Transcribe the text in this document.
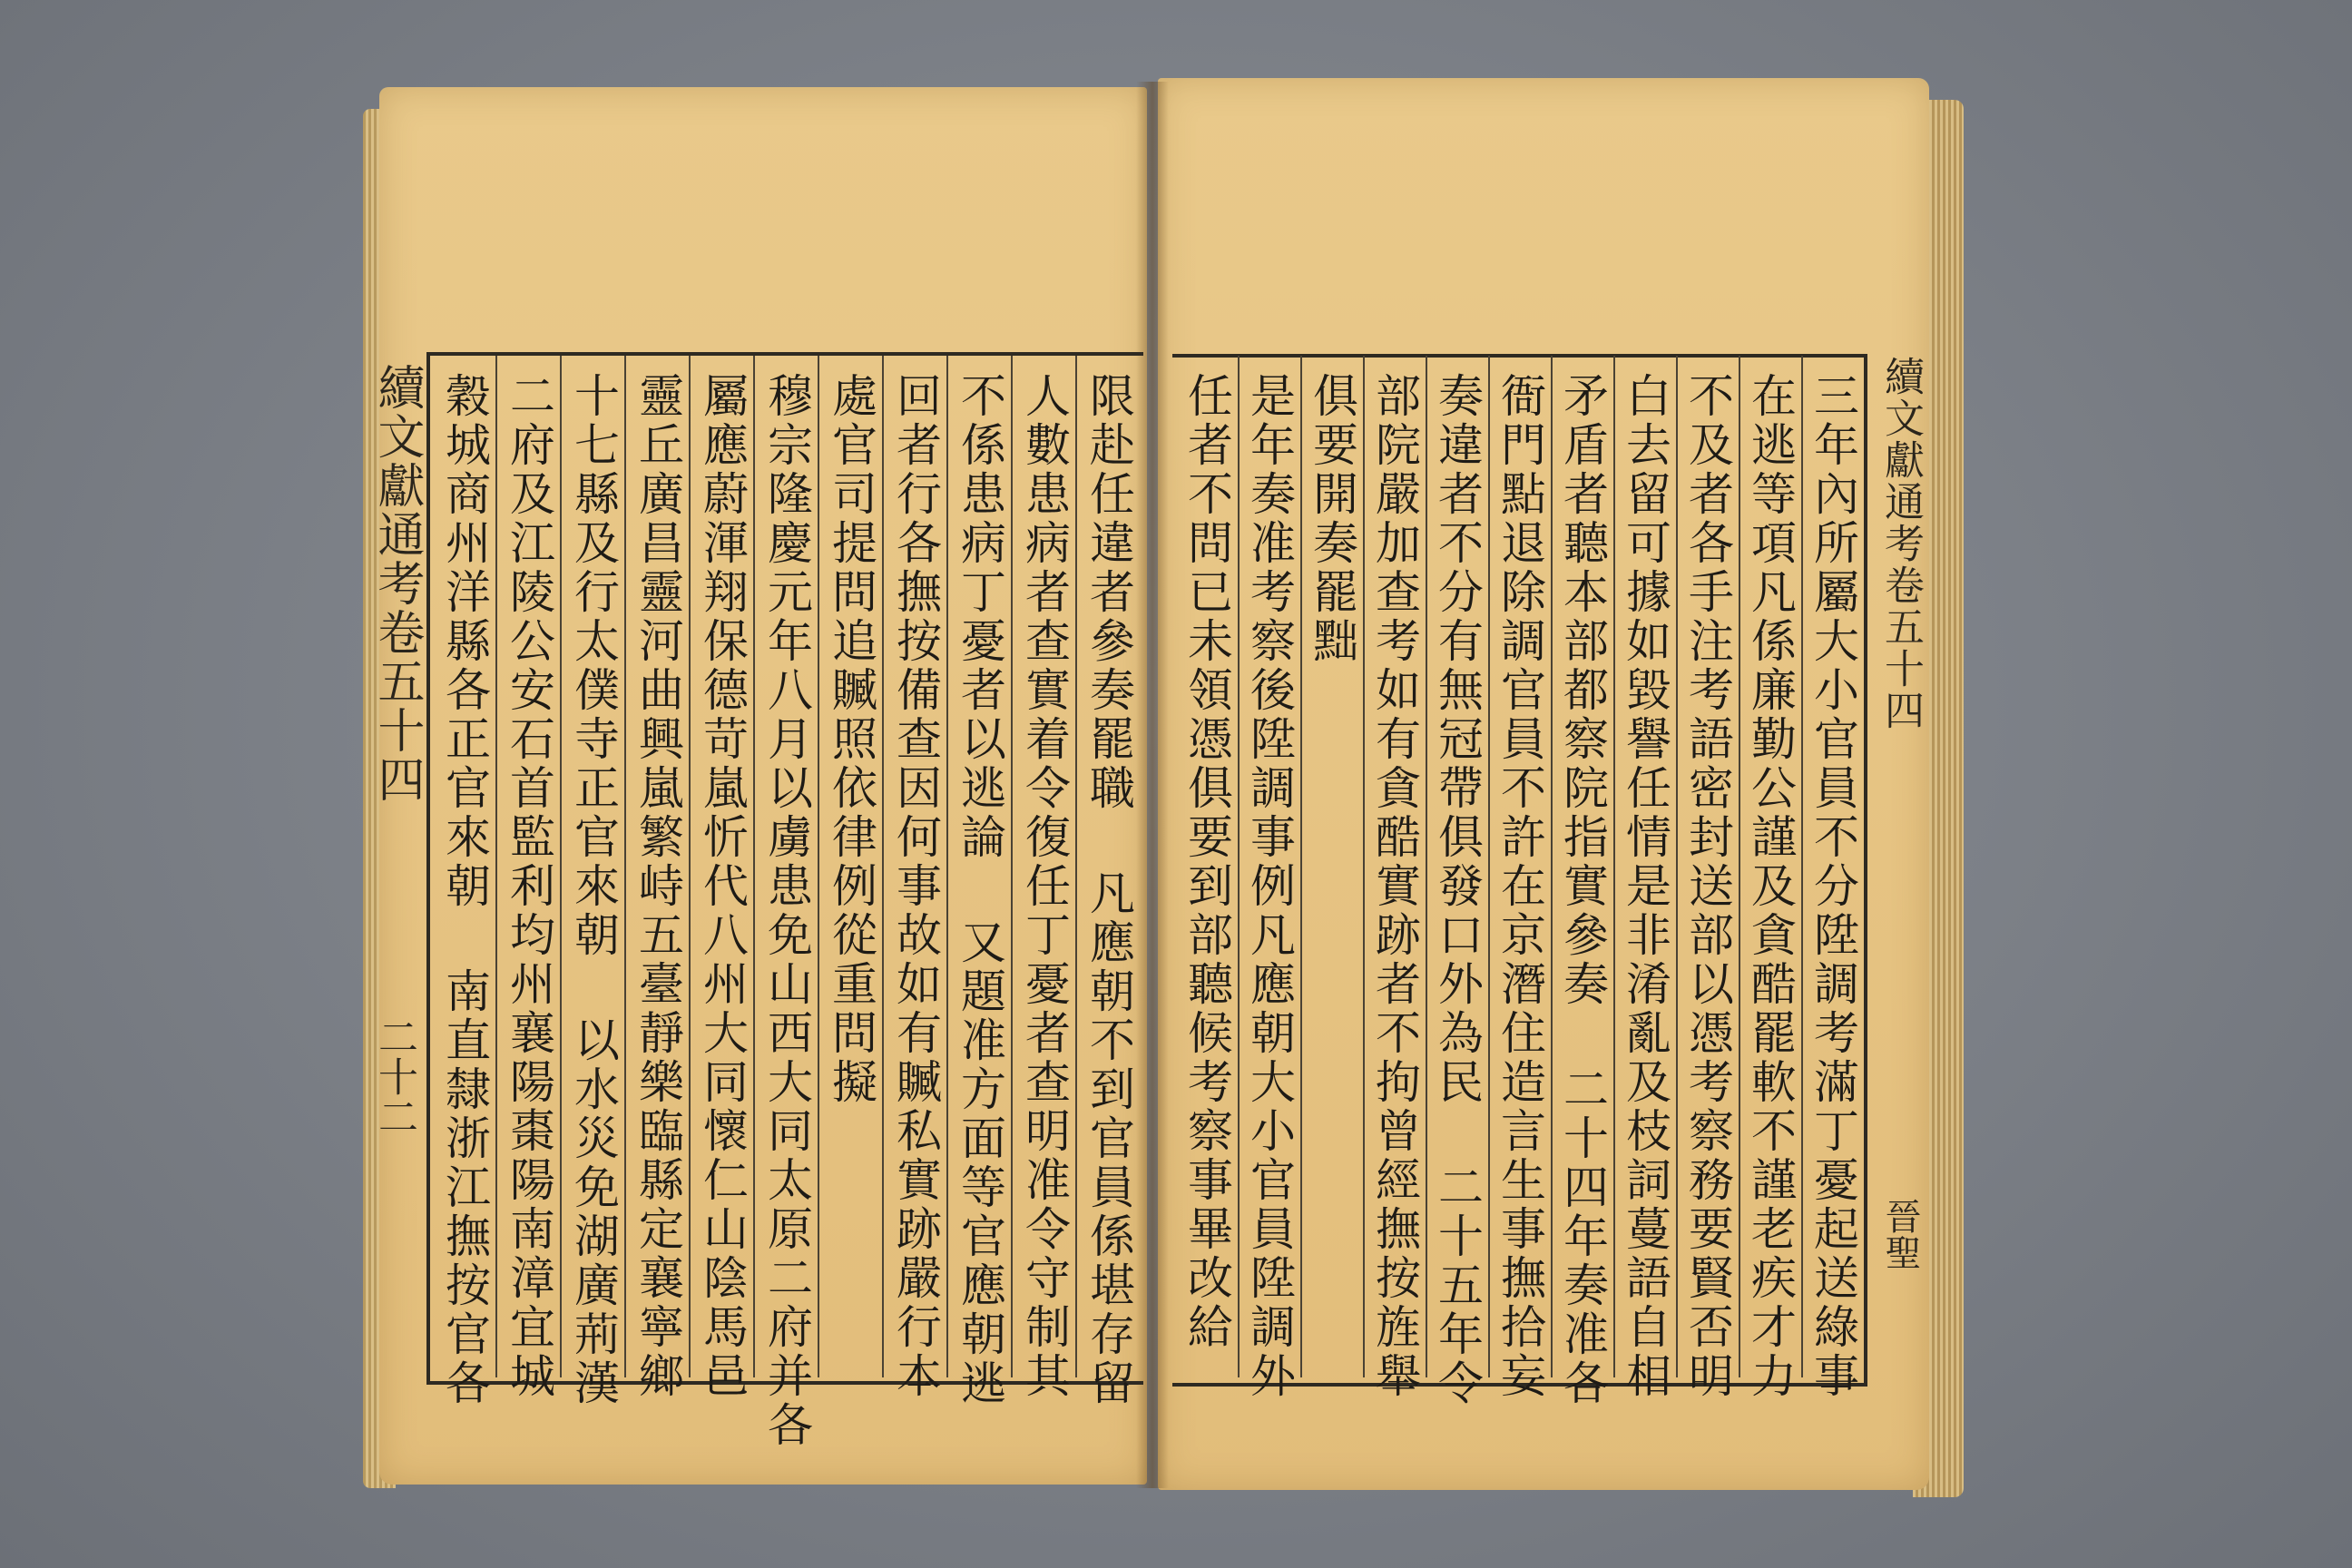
限赴任違者參奏罷職 凡應朝不到官員係堪存留
人數患病者查實着令復任丁憂者查明准令守制其
不係患病丁憂者以逃論 又題准方面等官應朝逃
回者行各撫按備查因何事故如有贓私實跡嚴行本
處官司提問追贓照依律例從重問擬
穆宗隆慶元年八月以虜患免山西大同太原二府并各
屬應蔚渾翔保德苛嵐忻代八州大同懷仁山陰馬邑
靈丘廣昌靈河曲興嵐繁峙五臺靜樂臨縣定襄寧鄉
十七縣及行太僕寺正官來朝 以水災免湖廣荊漢
二府及江陵公安石首監利均州襄陽棗陽南漳宜城
穀城商州洋縣各正官來朝 南直隸浙江撫按官各	三年內所屬大小官員不分陞調考滿丁憂起送綠事
在逃等項凡係廉勤公謹及貪酷罷軟不謹老疾才力
不及者各手注考語密封送部以憑考察務要賢否明
白去留可據如毀譽任情是非淆亂及枝詞蔓語自相
矛盾者聽本部都察院指實參奏 二十四年奏准各
衙門點退除調官員不許在京潛住造言生事撫拾妄
奏違者不分有無冠帶俱發口外為民 二十五年令
部院嚴加查考如有貪酷實跡者不拘曾經撫按旌舉
俱要開奏罷黜
是年奏准考察後陞調事例凡應朝大小官員陞調外
任者不問已未領憑俱要到部聽候考察事畢改給
續文獻通考卷五十四
二十二
續文獻通考卷五十四
晉聖
